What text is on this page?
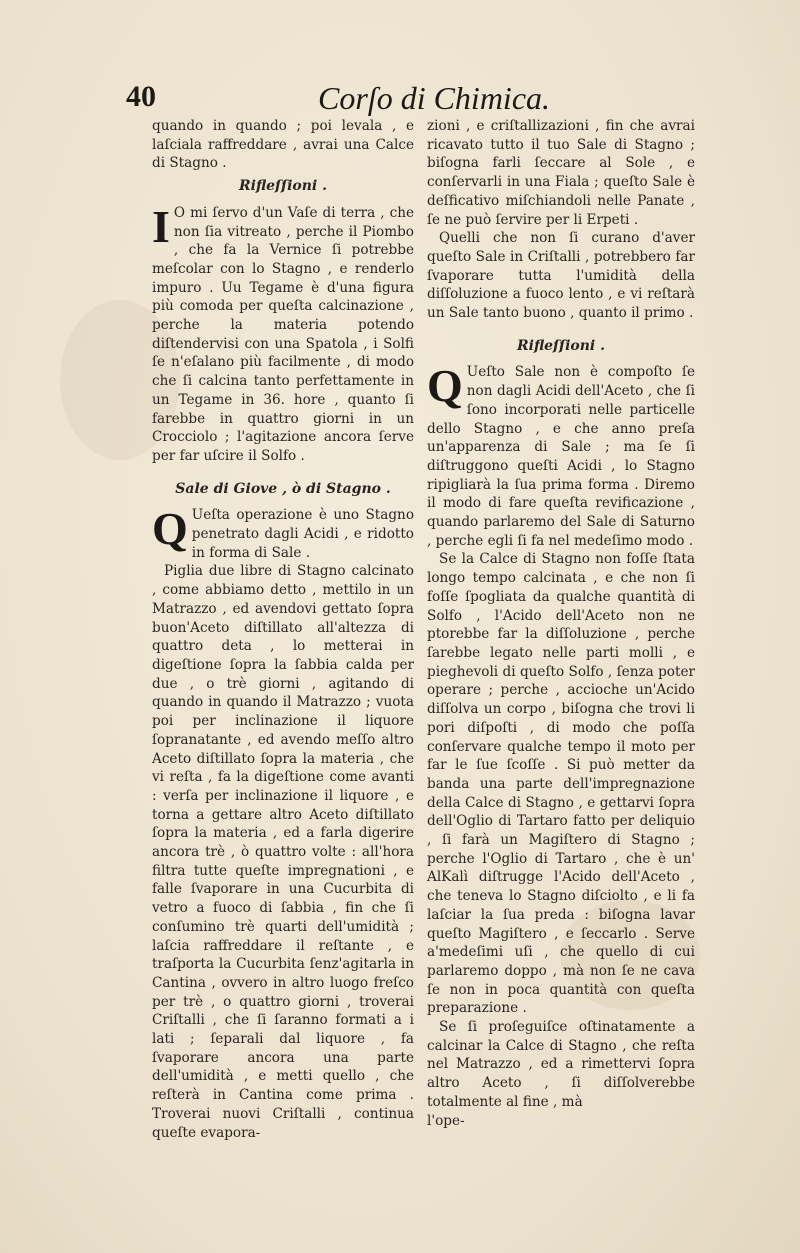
40	Corſo di Chimica.

quando in quando ; poi levala , e laſciala raffreddare , avrai una Calce di Stagno .

Rifleſſioni .

I O mi ſervo d'un Vaſe di terra , che non ſia vitreato , perche il Piombo , che fa la Vernice ſi potrebbe meſcolar con lo Stagno , e renderlo impuro . Uu Tegame è d'una figura più comoda per queſta calcinazione , perche la materia potendo diſtendervisi con una Spatola , i Solfi ſe n'eſalano più facilmente , di modo che ſi calcina tanto perfettamente in un Tegame in 36. hore , quanto ſi farebbe in quattro giorni in un Crocciolo ; l'agitazione ancora ſerve per far uſcire il Solfo .

Sale di Giove , ò di Stagno .

Q Ueſta operazione è uno Stagno penetrato dagli Acidi , e ridotto in forma di Sale .

Piglia due libre di Stagno calcinato , come abbiamo detto , mettilo in un Matrazzo , ed avendovi gettato ſopra buon'Aceto diſtillato all'altezza di quattro deta , lo metterai in digeſtione ſopra la ſabbia calda per due , o trè giorni , agitando di quando in quando il Matrazzo ; vuota poi per inclinazione il liquore ſopranatante , ed avendo meſſo altro Aceto diſtillato ſopra la materia , che vi reſta , fa la digeſtione come avanti : verſa per inclinazione il liquore , e torna a gettare altro Aceto diſtillato ſopra la materia , ed a farla digerire ancora trè , ò quattro volte : all'hora filtra tutte queſte impregnationi , e falle ſvaporare in una Cucurbita di vetro a fuoco di ſabbia , fin che ſi conſumino trè quarti dell'umidità ; laſcia raffreddare il reſtante , e traſporta la Cucurbita ſenz'agitarla in Cantina , ovvero in altro luogo freſco per trè , o quattro giorni , troverai Criſtalli , che ſi ſaranno formati a i lati ; ſeparali dal liquore , fa ſvaporare ancora una parte dell'umidità , e metti quello , che reſterà in Cantina come prima . Troverai nuovi Criſtalli , continua queſte evapora-

zioni , e criſtallizazioni , fin che avrai ricavato tutto il tuo Sale di Stagno ; biſogna farli ſeccare al Sole , e conſervarli in una Fiala ; queſto Sale è deſficativo miſchiandoli nelle Panate , ſe ne può ſervire per li Erpeti .

Quelli che non ſi curano d'aver queſto Sale in Criſtalli , potrebbero far ſvaporare tutta l'umidità della diſſoluzione a fuoco lento , e vi reſtarà un Sale tanto buono , quanto il primo .

Rifleſſioni .

Q Ueſto Sale non è compoſto ſe non dagli Acidi dell'Aceto , che ſi ſono incorporati nelle particelle dello Stagno , e che anno preſa un'apparenza di Sale ; ma ſe ſi diſtruggono queſti Acidi , lo Stagno ripigliarà la ſua prima forma . Diremo il modo di fare queſta revificazione , quando parlaremo del Sale di Saturno , perche egli ſi fa nel medeſimo modo .

Se la Calce di Stagno non foſſe ſtata longo tempo calcinata , e che non ſi foſſe ſpogliata da qualche quantità di Solfo , l'Acido dell'Aceto non ne ptorebbe far la diſſoluzione , perche ſarebbe legato nelle parti molli , e pieghevoli di queſto Solfo , ſenza poter operare ; perche , accioche un'Acido diſſolva un corpo , biſogna che trovi li pori diſpoſti , di modo che poſſa conſervare qualche tempo il moto per far le ſue ſcoſſe . Si può metter da banda una parte dell'impregnazione della Calce di Stagno , e gettarvi ſopra dell'Oglio di Tartaro fatto per deliquio , ſi farà un Magiſtero di Stagno ; perche l'Oglio di Tartaro , che è un' AlKalì diſtrugge l'Acido dell'Aceto , che teneva lo Stagno diſciolto , e li fa laſciar la ſua preda : biſogna lavar queſto Magiſtero , e ſeccarlo . Serve a'medeſimi uſi , che quello di cui parlaremo doppo , mà non ſe ne cava ſe non in poca quantità con queſta preparazione .

Se ſi proſeguiſce oſtinatamente a calcinar la Calce di Stagno , che reſta nel Matrazzo , ed a rimettervi ſopra altro Aceto , ſi diſſolverebbe totalmente al fine , mà

l'ope-
